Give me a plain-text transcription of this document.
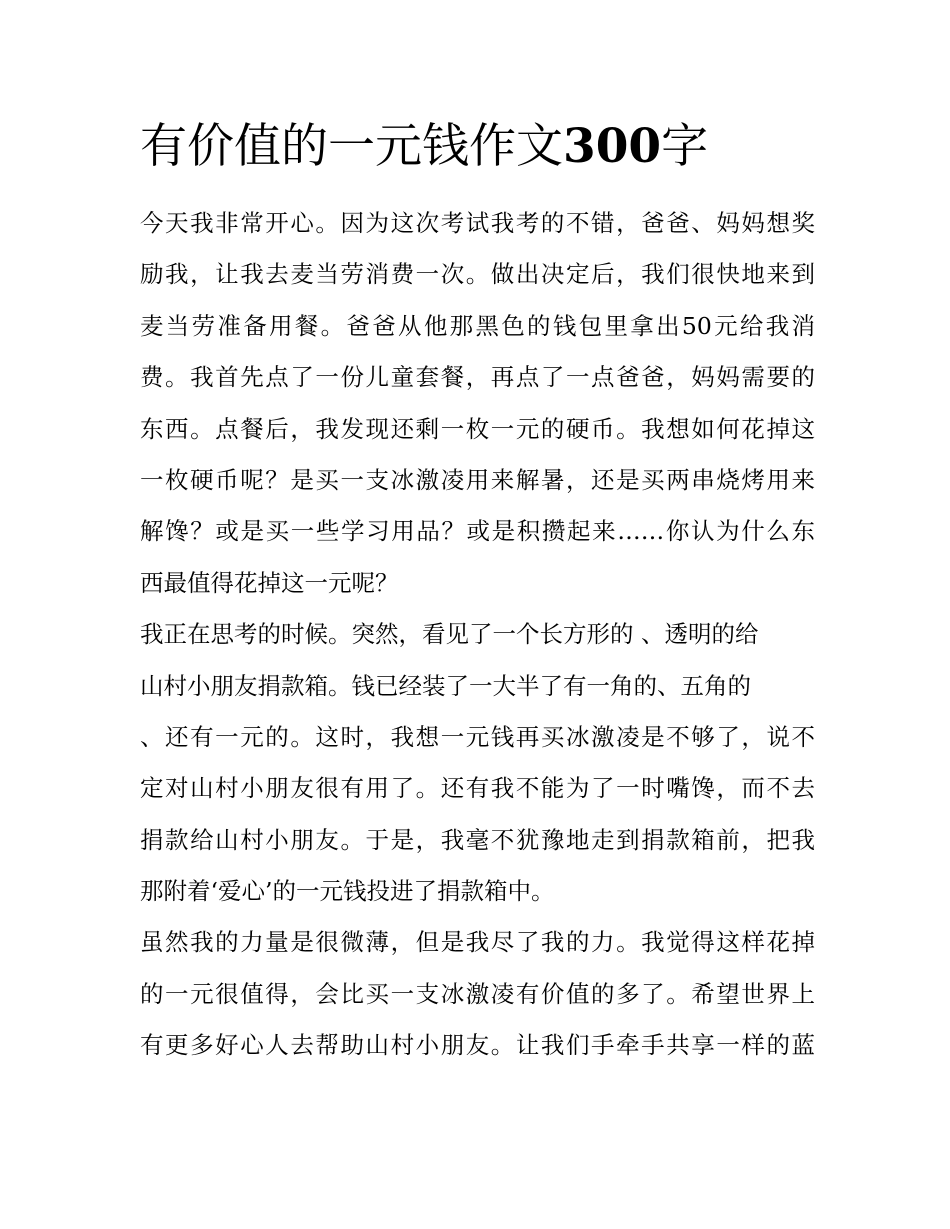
有价值的一元钱作文300字
今天我非常开心。因为这次考试我考的不错，爸爸、妈妈想奖
励我，让我去麦当劳消费一次。做出决定后，我们很快地来到
麦当劳准备用餐。爸爸从他那黑色的钱包里拿出50元给我消
费。我首先点了一份儿童套餐，再点了一点爸爸，妈妈需要的
东西。点餐后，我发现还剩一枚一元的硬币。我想如何花掉这
一枚硬币呢？是买一支冰激凌用来解暑，还是买两串烧烤用来
解馋？或是买一些学习用品？或是积攒起来……你认为什么东
西最值得花掉这一元呢？
我正在思考的时候。突然，看见了一个长方形的 、透明的给
山村小朋友捐款箱。钱已经装了一大半了有一角的、五角的
、还有一元的。这时，我想一元钱再买冰激凌是不够了，说不
定对山村小朋友很有用了。还有我不能为了一时嘴馋，而不去
捐款给山村小朋友。于是，我毫不犹豫地走到捐款箱前，把我
那附着‘爱心’的一元钱投进了捐款箱中。
虽然我的力量是很微薄，但是我尽了我的力。我觉得这样花掉
的一元很值得，会比买一支冰激凌有价值的多了。希望世界上
有更多好心人去帮助山村小朋友。让我们手牵手共享一样的蓝
